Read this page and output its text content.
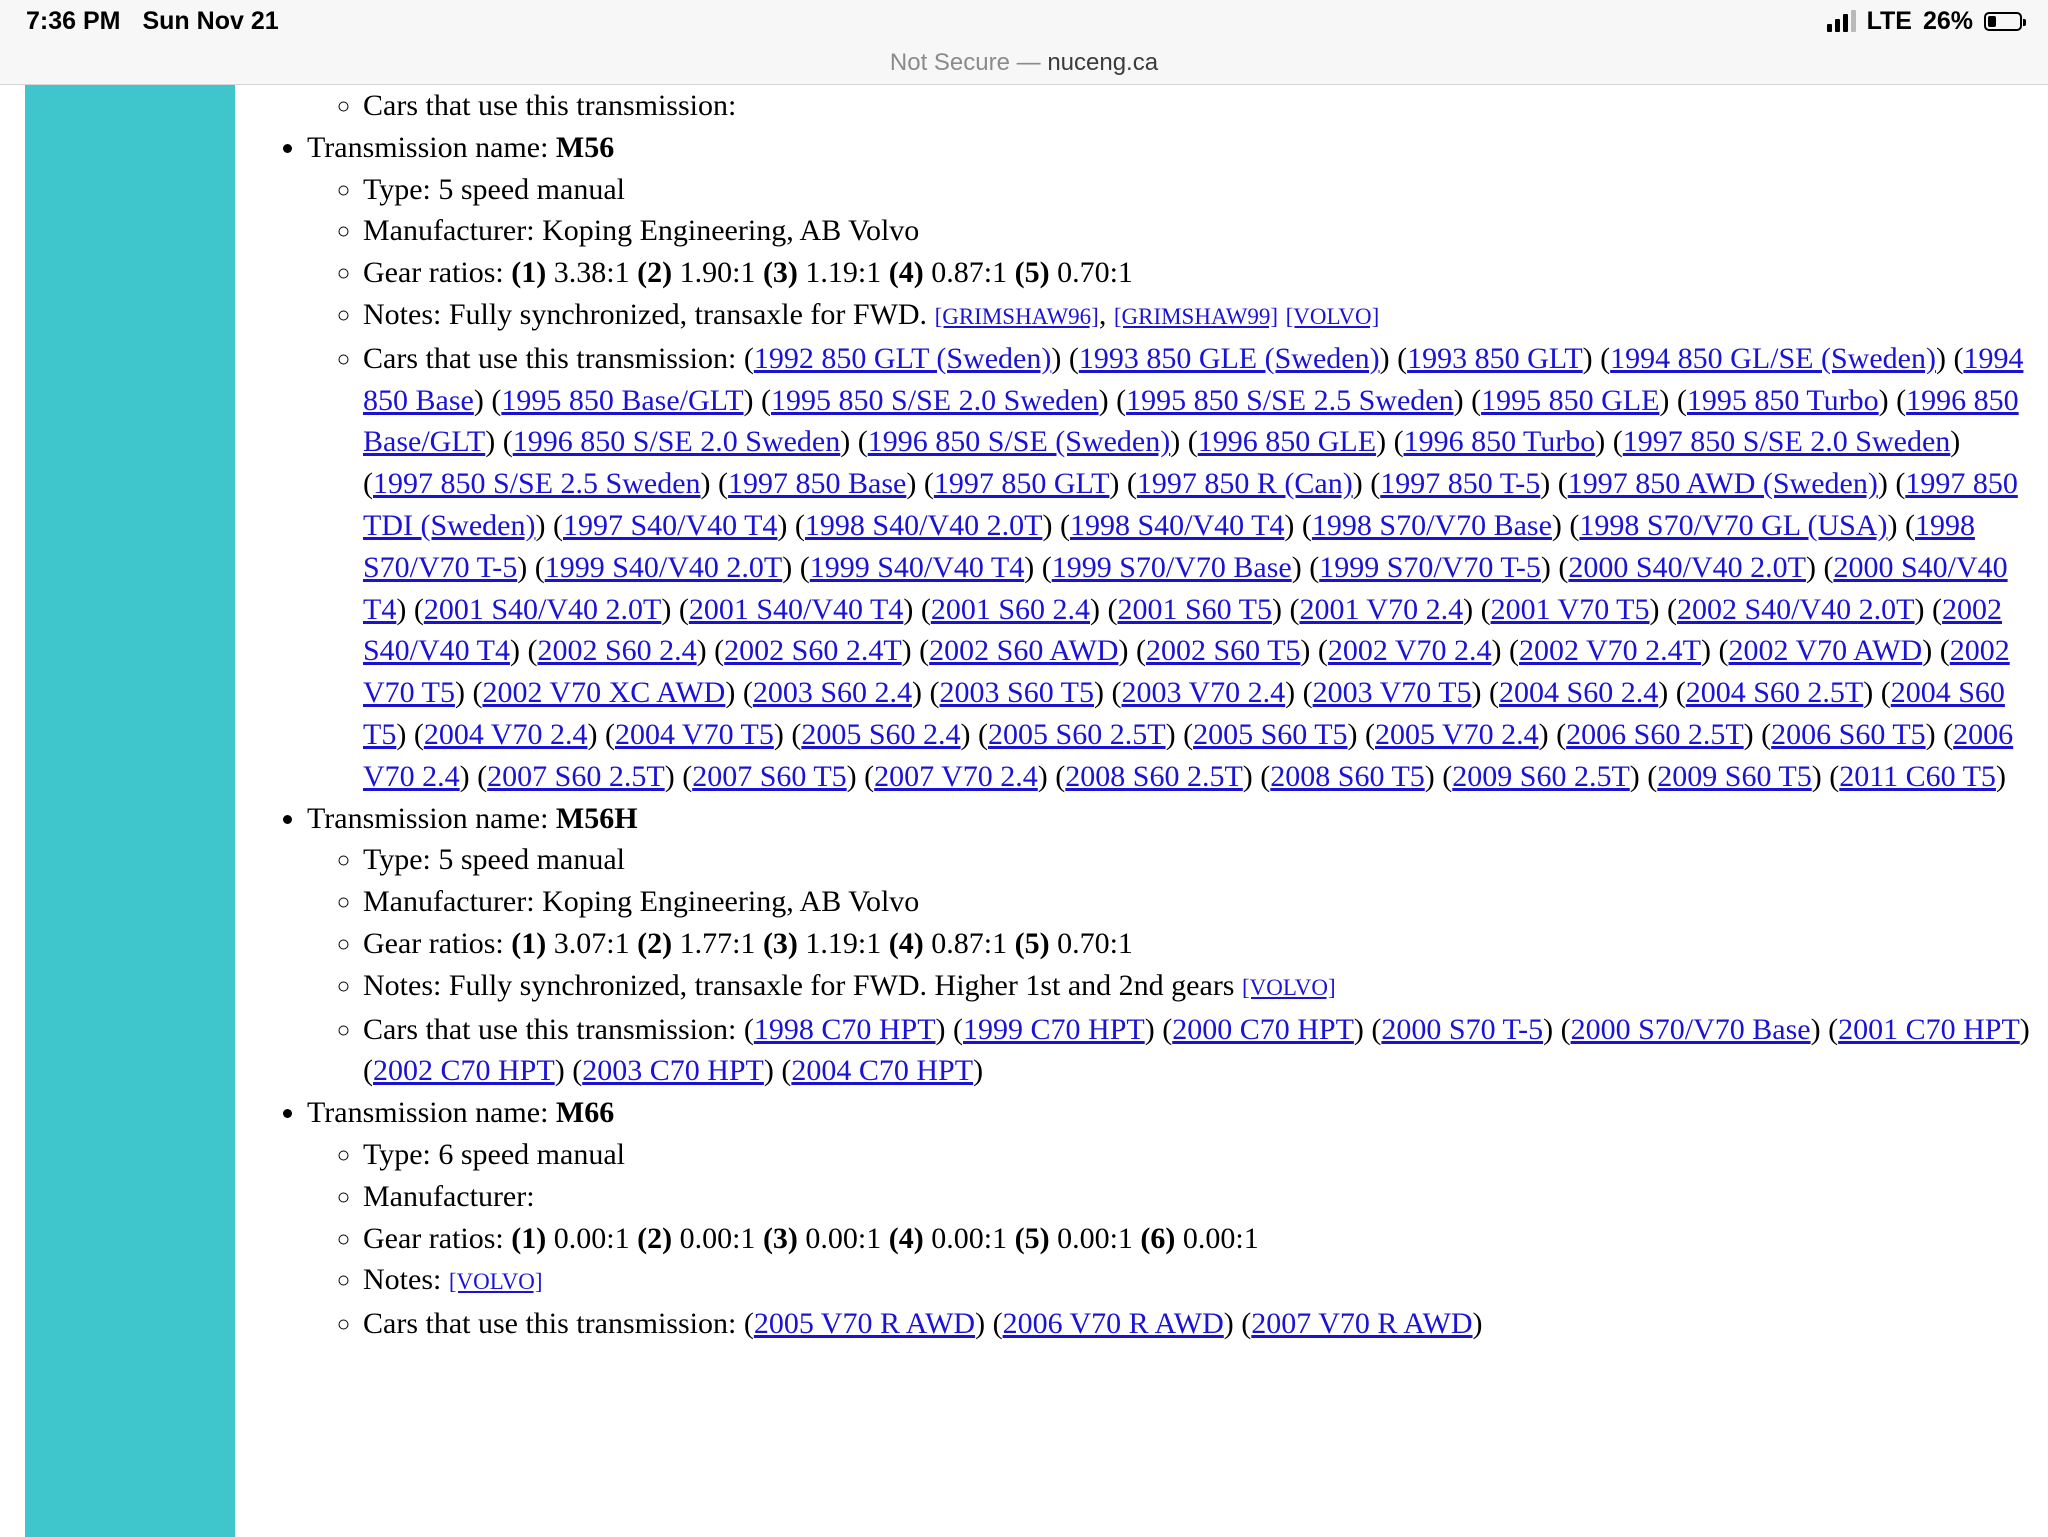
7:36 PM Sun Nov 21	LTE 26%
Not Secure —
nuceng.ca
◦ Cars that use this transmission:
• Transmission name: M56
◦ Type: 5 speed manual
◦ Manufacturer: Koping Engineering, AB Volvo
◦ Gear ratios: (1) 3.38:1 (2) 1.90:1 (3) 1.19:1 (4) 0.87:1 (5) 0.70:1
◦ Notes: Fully synchronized, transaxle for FWD. [GRIMSHAW96], [GRIMSHAW99] [VOLVO]
◦ Cars that use this transmission: (1992 850 GLT (Sweden)) (1993 850 GLE (Sweden)) (1993 850 GLT) (1994 850 GL/SE (Sweden)) (1994 850 Base) (1995 850 Base/GLT) (1995 850 S/SE 2.0 Sweden) (1995 850 S/SE 2.5 Sweden) (1995 850 GLE) (1995 850 Turbo) (1996 850 Base/GLT) (1996 850 S/SE 2.0 Sweden) (1996 850 S/SE (Sweden)) (1996 850 GLE) (1996 850 Turbo) (1997 850 S/SE 2.0 Sweden) (1997 850 S/SE 2.5 Sweden) (1997 850 Base) (1997 850 GLT) (1997 850 R (Can)) (1997 850 T-5) (1997 850 AWD (Sweden)) (1997 850 TDI (Sweden)) (1997 S40/V40 T4) (1998 S40/V40 2.0T) (1998 S40/V40 T4) (1998 S70/V70 Base) (1998 S70/V70 GL (USA)) (1998 S70/V70 T-5) (1999 S40/V40 2.0T) (1999 S40/V40 T4) (1999 S70/V70 Base) (1999 S70/V70 T-5) (2000 S40/V40 2.0T) (2000 S40/V40 T4) (2001 S40/V40 2.0T) (2001 S40/V40 T4) (2001 S60 2.4) (2001 S60 T5) (2001 V70 2.4) (2001 V70 T5) (2002 S40/V40 2.0T) (2002 S40/V40 T4) (2002 S60 2.4) (2002 S60 2.4T) (2002 S60 AWD) (2002 S60 T5) (2002 V70 2.4) (2002 V70 2.4T) (2002 V70 AWD) (2002 V70 T5) (2002 V70 XC AWD) (2003 S60 2.4) (2003 S60 T5) (2003 V70 2.4) (2003 V70 T5) (2004 S60 2.4) (2004 S60 2.5T) (2004 S60 T5) (2004 V70 2.4) (2004 V70 T5) (2005 S60 2.4) (2005 S60 2.5T) (2005 S60 T5) (2005 V70 2.4) (2006 S60 2.5T) (2006 S60 T5) (2006 V70 2.4) (2007 S60 2.5T) (2007 S60 T5) (2007 V70 2.4) (2008 S60 2.5T) (2008 S60 T5) (2009 S60 2.5T) (2009 S60 T5) (2011 C60 T5)
• Transmission name: M56H
◦ Type: 5 speed manual
◦ Manufacturer: Koping Engineering, AB Volvo
◦ Gear ratios: (1) 3.07:1 (2) 1.77:1 (3) 1.19:1 (4) 0.87:1 (5) 0.70:1
◦ Notes: Fully synchronized, transaxle for FWD. Higher 1st and 2nd gears [VOLVO]
◦ Cars that use this transmission: (1998 C70 HPT) (1999 C70 HPT) (2000 C70 HPT) (2000 S70 T-5) (2000 S70/V70 Base) (2001 C70 HPT) (2002 C70 HPT) (2003 C70 HPT) (2004 C70 HPT)
• Transmission name: M66
◦ Type: 6 speed manual
◦ Manufacturer:
◦ Gear ratios: (1) 0.00:1 (2) 0.00:1 (3) 0.00:1 (4) 0.00:1 (5) 0.00:1 (6) 0.00:1
◦ Notes: [VOLVO]
◦ Cars that use this transmission: (2005 V70 R AWD) (2006 V70 R AWD) (2007 V70 R AWD)
